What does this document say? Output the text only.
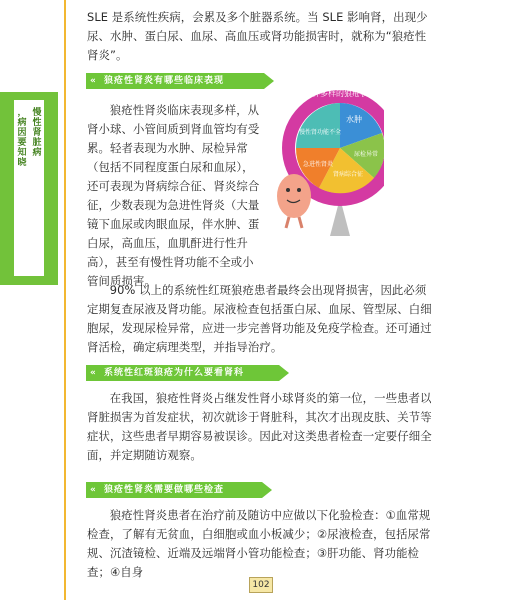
慢性肾脏病
，病因要知晓
SLE 是系统性疾病，会累及多个脏器系统。当 SLE 影响肾，出现少尿、水肿、蛋白尿、血尿、高血压或肾功能损害时，就称为“狼疮性肾炎”。
« 狼疮性肾炎有哪些临床表现
狼疮性肾炎临床表现多样，从肾小球、小管间质到肾血管均有受累。轻者表现为水肿、尿检异常（包括不同程度蛋白尿和血尿），还可表现为肾病综合征、肾炎综合征，少数表现为急进性肾炎（大量镜下血尿或肉眼血尿，伴水肿、蛋白尿，高血压，血肌酐进行性升高），甚至有慢性肾功能不全或小管间质损害。
多种多样的狼疮表现
水肿
尿检异常
肾病综合征
急进性肾炎
慢性肾功能不全
90% 以上的系统性红斑狼疮患者最终会出现肾损害，因此必须定期复查尿液及肾功能。尿液检查包括蛋白尿、血尿、管型尿、白细胞尿，发现尿检异常，应进一步完善肾功能及免疫学检查。还可通过肾活检，确定病理类型，并指导治疗。
« 系统性红斑狼疮为什么要看肾科
在我国，狼疮性肾炎占继发性肾小球肾炎的第一位，一些患者以肾脏损害为首发症状，初次就诊于肾脏科，其次才出现皮肤、关节等症状，这些患者早期容易被误诊。因此对这类患者检查一定要仔细全面，并定期随访观察。
« 狼疮性肾炎需要做哪些检查
狼疮性肾炎患者在治疗前及随访中应做以下化验检查：①血常规检查，了解有无贫血，白细胞或血小板减少；②尿液检查，包括尿常规、沉渣镜检、近端及远端肾小管功能检查；③肝功能、肾功能检查；④自身
102
